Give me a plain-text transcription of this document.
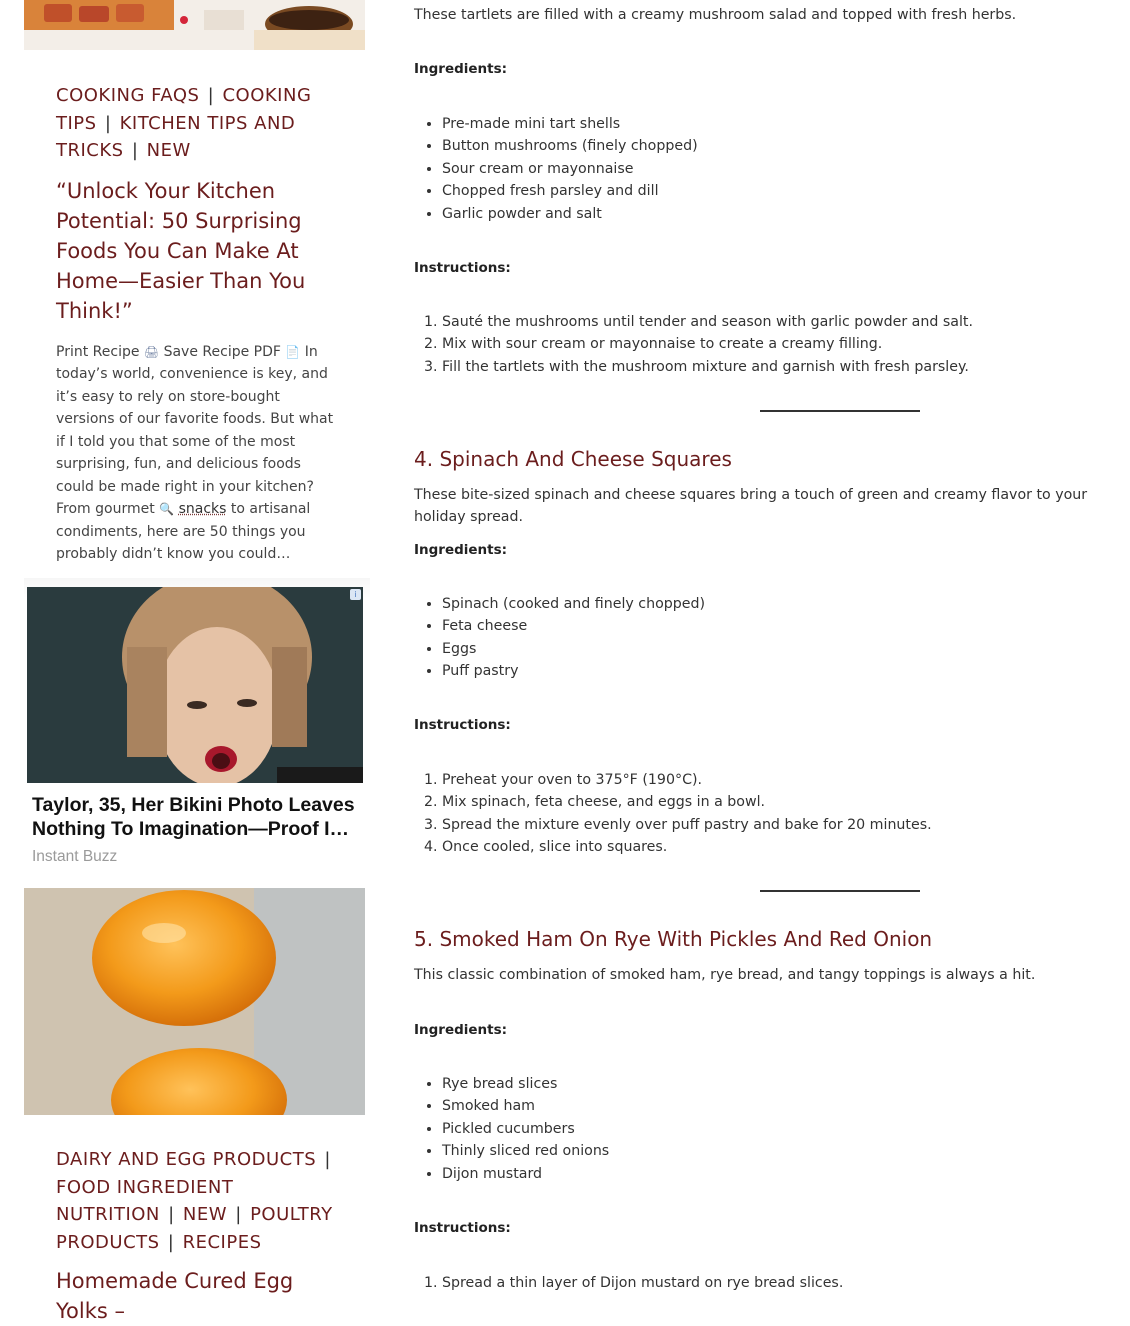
COOKING FAQS | COOKING TIPS | KITCHEN TIPS AND TRICKS | NEW
“Unlock Your Kitchen Potential: 50 Surprising Foods You Can Make At Home—Easier Than You Think!”

Print Recipe 🖨 Save Recipe PDF 📄 In today’s world, convenience is key, and it’s easy to rely on store-bought versions of our favorite foods. But what if I told you that some of the most surprising, fun, and delicious foods could be made right in your kitchen? From gourmet 🔍 snacks to artisanal condiments, here are 50 things you probably didn’t know you could…

i
Taylor, 35, Her Bikini Photo Leaves Nothing To Imagination—Proof I…
Instant Buzz
DAIRY AND EGG PRODUCTS | FOOD INGREDIENT NUTRITION | NEW | POULTRY PRODUCTS | RECIPES
Homemade Cured Egg Yolks –

These tartlets are filled with a creamy mushroom salad and topped with fresh herbs.

Ingredients:

• Pre-made mini tart shells
• Button mushrooms (finely chopped)
• Sour cream or mayonnaise
• Chopped fresh parsley and dill
• Garlic powder and salt

Instructions:

1. Sauté the mushrooms until tender and season with garlic powder and salt.
2. Mix with sour cream or mayonnaise to create a creamy filling.
3. Fill the tartlets with the mushroom mixture and garnish with fresh parsley.
4. Spinach And Cheese Squares

These bite-sized spinach and cheese squares bring a touch of green and creamy flavor to your holiday spread.

Ingredients:

• Spinach (cooked and finely chopped)
• Feta cheese
• Eggs
• Puff pastry

Instructions:

1. Preheat your oven to 375°F (190°C).
2. Mix spinach, feta cheese, and eggs in a bowl.
3. Spread the mixture evenly over puff pastry and bake for 20 minutes.
4. Once cooled, slice into squares.
5. Smoked Ham On Rye With Pickles And Red Onion

This classic combination of smoked ham, rye bread, and tangy toppings is always a hit.

Ingredients:

• Rye bread slices
• Smoked ham
• Pickled cucumbers
• Thinly sliced red onions
• Dijon mustard

Instructions:

1. Spread a thin layer of Dijon mustard on rye bread slices.
